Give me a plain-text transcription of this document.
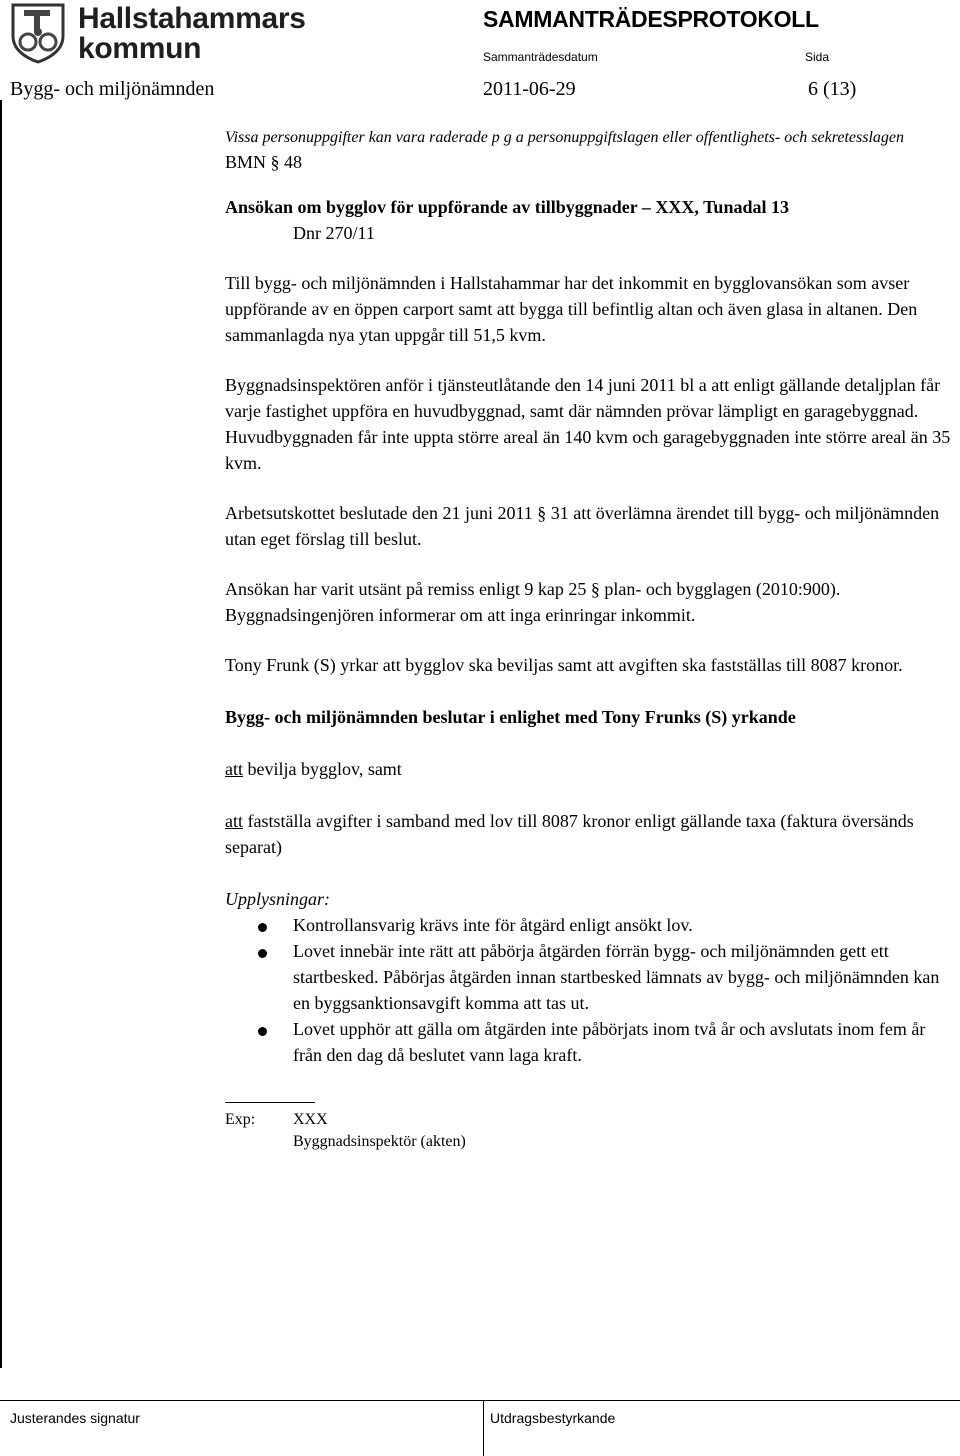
Hallstahammars
kommun
SAMMANTRÄDESPROTOKOLL
Sammanträdesdatum	Sida
Bygg- och miljönämnden	2011-06-29	6 (13)

Vissa personuppgifter kan vara raderade p g a personuppgiftslagen eller offentlighets- och sekretesslagen

BMN § 48

Ansökan om bygglov för uppförande av tillbyggnader – XXX, Tunadal 13

Dnr 270/11

Till bygg- och miljönämnden i Hallstahammar har det inkommit en bygglovansökan som avser uppförande av en öppen carport samt att bygga till befintlig altan och även glasa in altanen. Den sammanlagda nya ytan uppgår till 51,5 kvm.

Byggnadsinspektören anför i tjänsteutlåtande den 14 juni 2011 bl a att enligt gällande detaljplan får varje fastighet uppföra en huvudbyggnad, samt där nämnden prövar lämpligt en garagebyggnad. Huvudbyggnaden får inte uppta större areal än 140 kvm och garagebyggnaden inte större areal än 35 kvm.

Arbetsutskottet beslutade den 21 juni 2011 § 31 att överlämna ärendet till bygg- och miljönämnden utan eget förslag till beslut.

Ansökan har varit utsänt på remiss enligt 9 kap 25 § plan- och bygglagen (2010:900). Byggnadsingenjören informerar om att inga erinringar inkommit.

Tony Frunk (S) yrkar att bygglov ska beviljas samt att avgiften ska fastställas till 8087 kronor.

Bygg- och miljönämnden beslutar i enlighet med Tony Frunks (S) yrkande

att bevilja bygglov, samt

att fastställa avgifter i samband med lov till 8087 kronor enligt gällande taxa (faktura översänds separat)

Upplysningar:

Kontrollansvarig krävs inte för åtgärd enligt ansökt lov.
Lovet innebär inte rätt att påbörja åtgärden förrän bygg- och miljönämnden gett ett startbesked. Påbörjas åtgärden innan startbesked lämnats av bygg- och miljönämnden kan en byggsanktionsavgift komma att tas ut.
Lovet upphör att gälla om åtgärden inte påbörjats inom två år och avslutats inom fem år från den dag då beslutet vann laga kraft.
Exp: XXX
Byggnadsinspektör (akten)
Justerandes signatur	Utdragsbestyrkande
